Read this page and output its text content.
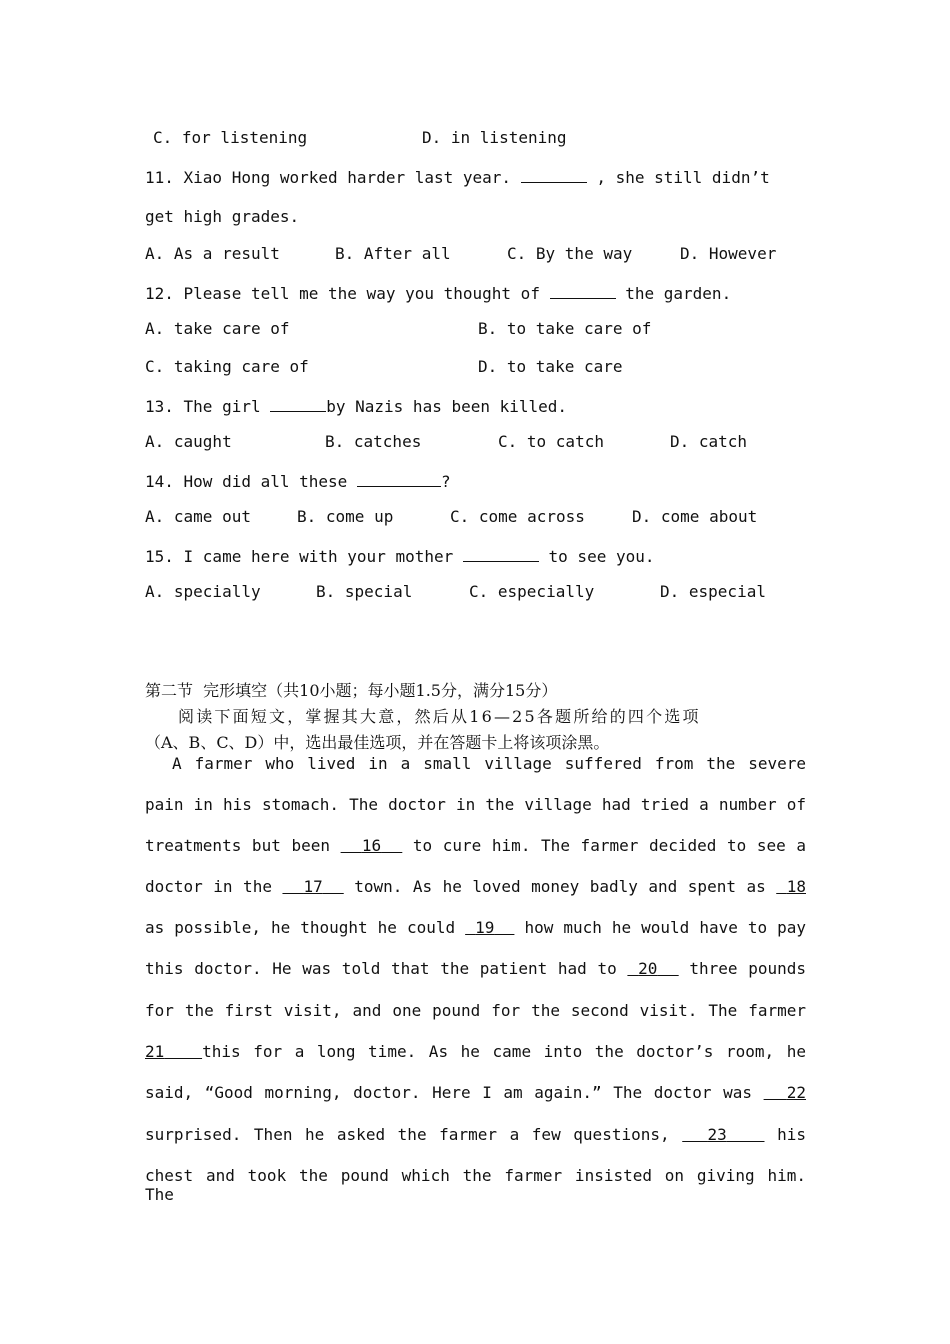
C. for listening	D. in listening
11. Xiao Hong worked harder last year.	, she still didn’t
get high grades.
A. As a result	B. After all	C. By the way	D. However
12. Please tell me the way you thought of	the garden.
A. take care of	B. to take care of
C. taking care of	D. to take care
13. The girl	by Nazis has been killed.
A. caught	B. catches	C. to catch	D. catch
14. How did all these	?
A. came out	B. come up	C. come across	D. come about
15. I came here with your mother	to see you.
A. specially	B. special	C. especially	D. especial
第二节  完形填空（共10小题；每小题1.5分，满分15分）
阅读下面短文，掌握其大意，然后从16—25各题所给的四个选项
（A、B、C、D）中，选出最佳选项，并在答题卡上将该项涂黑。
A farmer who lived in a small village suffered from the severe
pain in his stomach. The doctor in the village had tried a number of
treatments but been 16 to cure him. The farmer decided to see a
doctor in the 17 town. As he loved money badly and spent as 18
as possible, he thought he could 19 how much he would have to pay
this doctor. He was told that the patient had to 20 three pounds
for the first visit, and one pound for the second visit. The farmer
21 this for a long time. As he came into the doctor’s room, he
said, “Good morning, doctor. Here I am again.” The doctor was 22
surprised. Then he asked the farmer a few questions, 23	his
chest and took the pound which the farmer insisted on giving him. The
